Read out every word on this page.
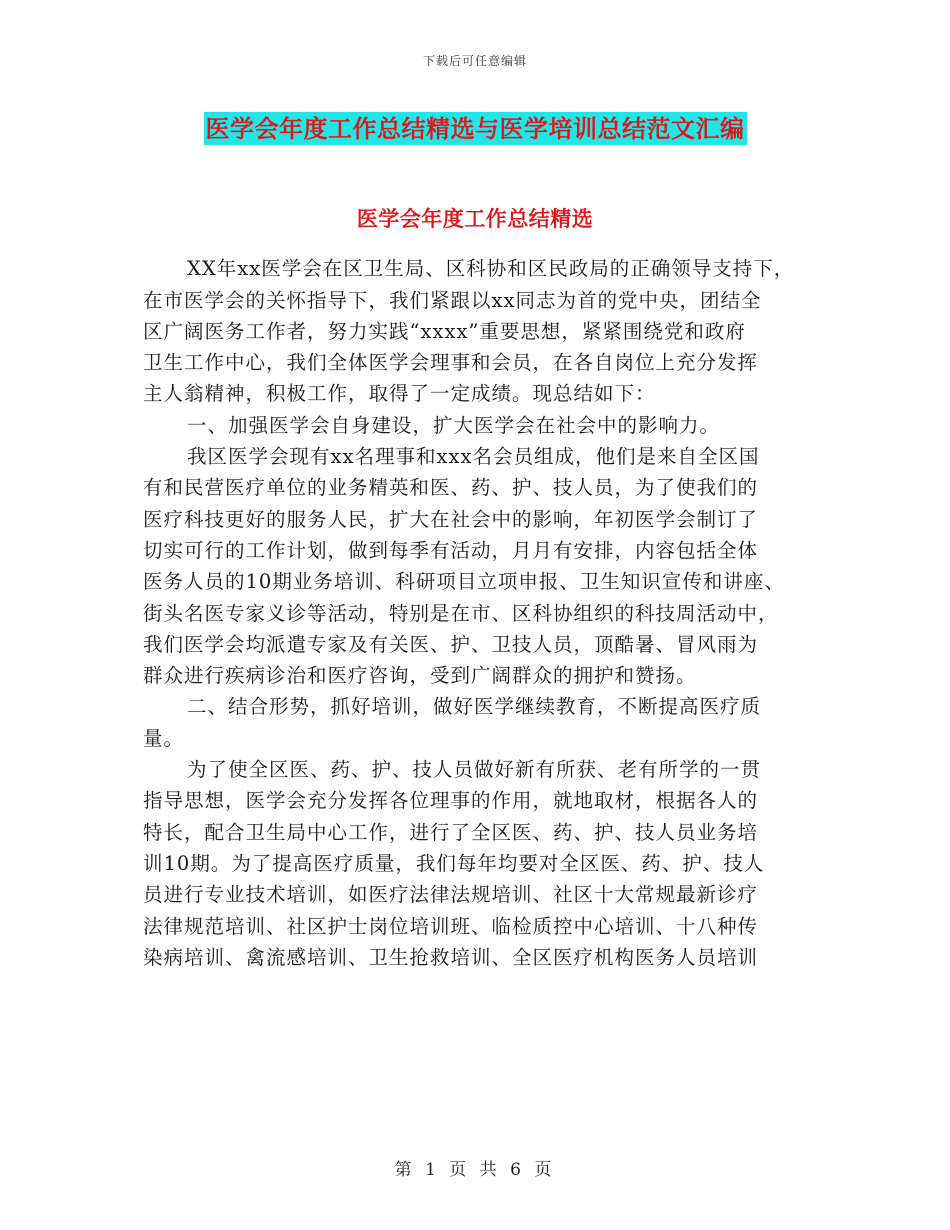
下载后可任意编辑
医学会年度工作总结精选与医学培训总结范文汇编
医学会年度工作总结精选
XX年xx医学会在区卫生局、区科协和区民政局的正确领导支持下，
在市医学会的关怀指导下，我们紧跟以xx同志为首的党中央，团结全
区广阔医务工作者，努力实践“xxxx”重要思想，紧紧围绕党和政府
卫生工作中心，我们全体医学会理事和会员，在各自岗位上充分发挥
主人翁精神，积极工作，取得了一定成绩。现总结如下：
一、加强医学会自身建设，扩大医学会在社会中的影响力。
我区医学会现有xx名理事和xxx名会员组成，他们是来自全区国
有和民营医疗单位的业务精英和医、药、护、技人员，为了使我们的
医疗科技更好的服务人民，扩大在社会中的影响，年初医学会制订了
切实可行的工作计划，做到每季有活动，月月有安排，内容包括全体
医务人员的10期业务培训、科研项目立项申报、卫生知识宣传和讲座、
街头名医专家义诊等活动，特别是在市、区科协组织的科技周活动中，
我们医学会均派遣专家及有关医、护、卫技人员，顶酷暑、冒风雨为
群众进行疾病诊治和医疗咨询，受到广阔群众的拥护和赞扬。
二、结合形势，抓好培训，做好医学继续教育，不断提高医疗质
量。
为了使全区医、药、护、技人员做好新有所获、老有所学的一贯
指导思想，医学会充分发挥各位理事的作用，就地取材，根据各人的
特长，配合卫生局中心工作，进行了全区医、药、护、技人员业务培
训10期。为了提高医疗质量，我们每年均要对全区医、药、护、技人
员进行专业技术培训，如医疗法律法规培训、社区十大常规最新诊疗
法律规范培训、社区护士岗位培训班、临检质控中心培训、十八种传
染病培训、禽流感培训、卫生抢救培训、全区医疗机构医务人员培训
第 1 页 共 6 页
